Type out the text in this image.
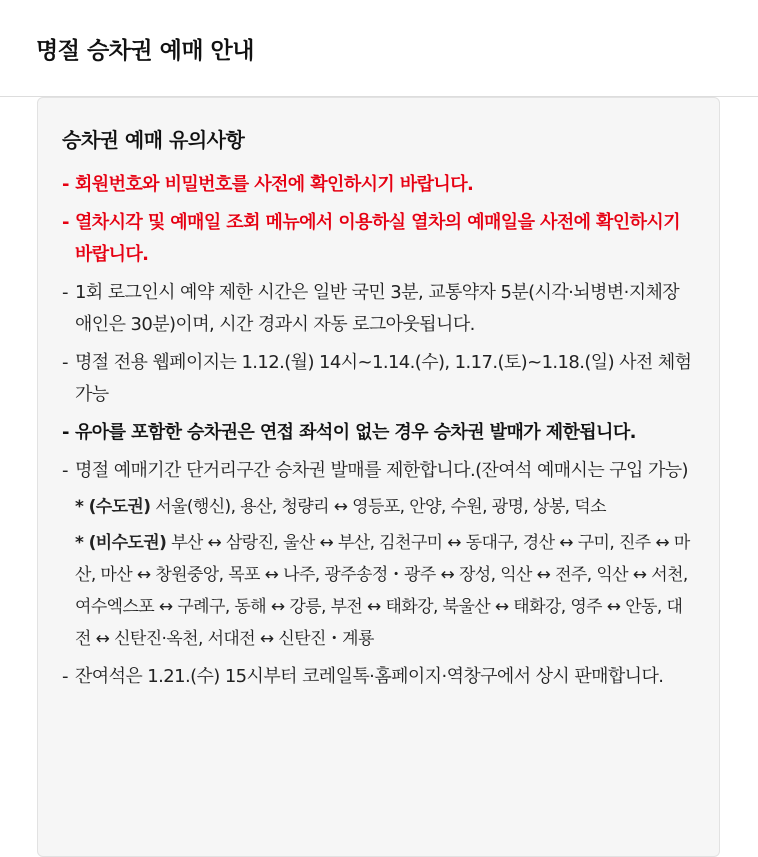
명절 승차권 예매 안내
승차권 예매 유의사항
- 회원번호와 비밀번호를 사전에 확인하시기 바랍니다.
- 열차시각 및 예매일 조회 메뉴에서 이용하실 열차의 예매일을 사전에 확인하시기 바랍니다.
- 1회 로그인시 예약 제한 시간은 일반 국민 3분, 교통약자 5분(시각·뇌병변·지체장애인은 30분)이며, 시간 경과시 자동 로그아웃됩니다.
- 명절 전용 웹페이지는 1.12.(월) 14시~1.14.(수), 1.17.(토)~1.18.(일) 사전 체험 가능
- 유아를 포함한 승차권은 연접 좌석이 없는 경우 승차권 발매가 제한됩니다.
- 명절 예매기간 단거리구간 승차권 발매를 제한합니다.(잔여석 예매시는 구입 가능)
* (수도권) 서울(행신), 용산, 청량리 ↔ 영등포, 안양, 수원, 광명, 상봉, 덕소
* (비수도권) 부산 ↔ 삼랑진, 울산 ↔ 부산, 김천구미 ↔ 동대구, 경산 ↔ 구미, 진주 ↔ 마산, 마산 ↔ 창원중앙, 목포 ↔ 나주, 광주송정・광주 ↔ 장성, 익산 ↔ 전주, 익산 ↔ 서천, 여수엑스포 ↔ 구례구, 동해 ↔ 강릉, 부전 ↔ 태화강, 북울산 ↔ 태화강, 영주 ↔ 안동, 대전 ↔ 신탄진·옥천, 서대전 ↔ 신탄진・계룡
- 잔여석은 1.21.(수) 15시부터 코레일톡·홈페이지·역창구에서 상시 판매합니다.
